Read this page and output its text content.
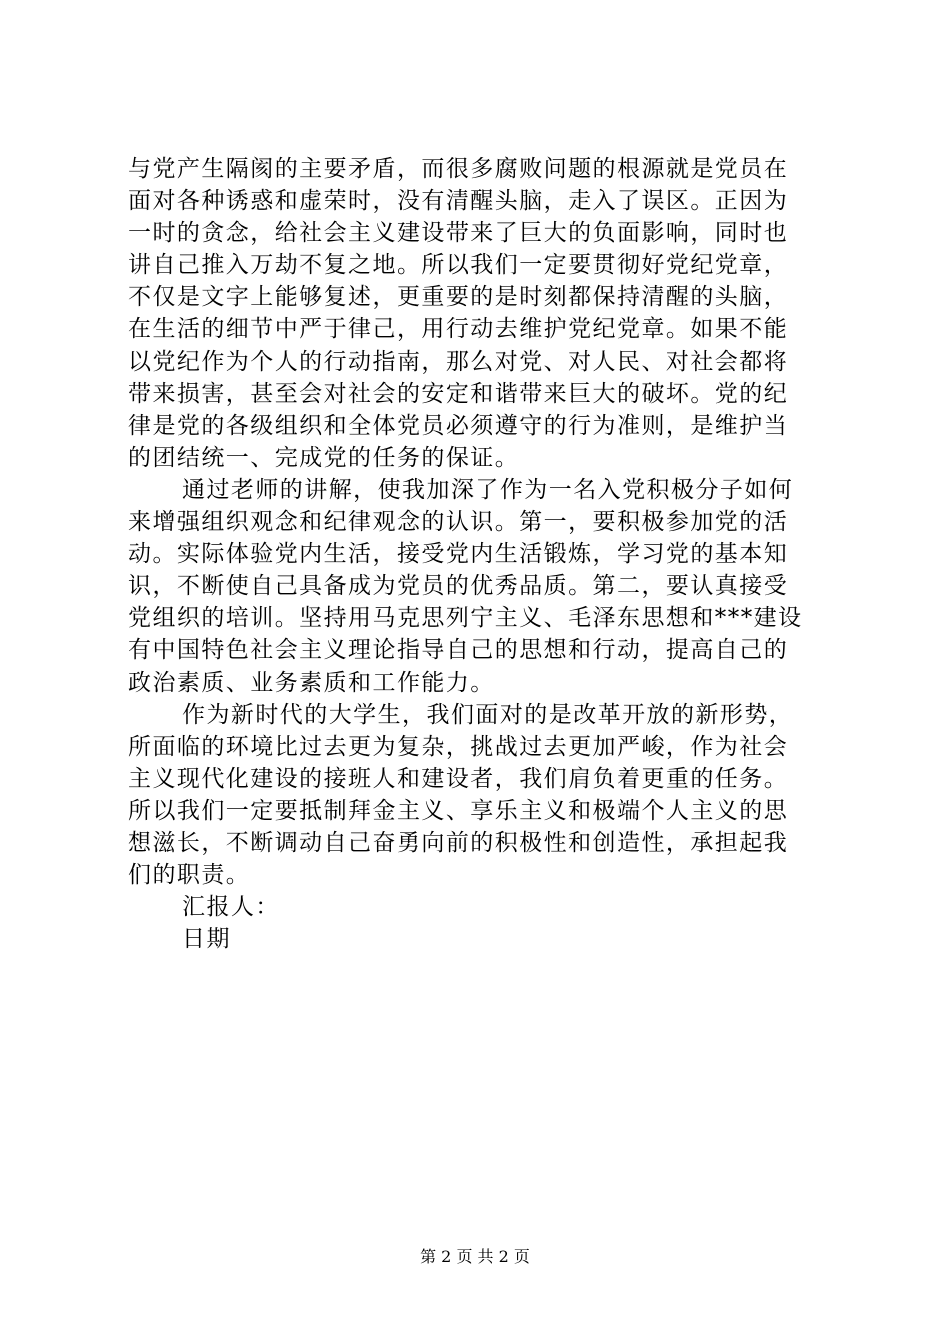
与党产生隔阂的主要矛盾，而很多腐败问题的根源就是党员在
面对各种诱惑和虚荣时，没有清醒头脑，走入了误区。正因为
一时的贪念，给社会主义建设带来了巨大的负面影响，同时也
讲自己推入万劫不复之地。所以我们一定要贯彻好党纪党章，
不仅是文字上能够复述，更重要的是时刻都保持清醒的头脑，
在生活的细节中严于律己，用行动去维护党纪党章。如果不能
以党纪作为个人的行动指南，那么对党、对人民、对社会都将
带来损害，甚至会对社会的安定和谐带来巨大的破坏。党的纪
律是党的各级组织和全体党员必须遵守的行为准则，是维护当
的团结统一、完成党的任务的保证。
通过老师的讲解，使我加深了作为一名入党积极分子如何
来增强组织观念和纪律观念的认识。第一，要积极参加党的活
动。实际体验党内生活，接受党内生活锻炼，学习党的基本知
识，不断使自己具备成为党员的优秀品质。第二，要认真接受
党组织的培训。坚持用马克思列宁主义、毛泽东思想和***建设
有中国特色社会主义理论指导自己的思想和行动，提高自己的
政治素质、业务素质和工作能力。
作为新时代的大学生，我们面对的是改革开放的新形势，
所面临的环境比过去更为复杂，挑战过去更加严峻，作为社会
主义现代化建设的接班人和建设者，我们肩负着更重的任务。
所以我们一定要抵制拜金主义、享乐主义和极端个人主义的思
想滋长，不断调动自己奋勇向前的积极性和创造性，承担起我
们的职责。
汇报人：
日期
第 2 页 共 2 页
